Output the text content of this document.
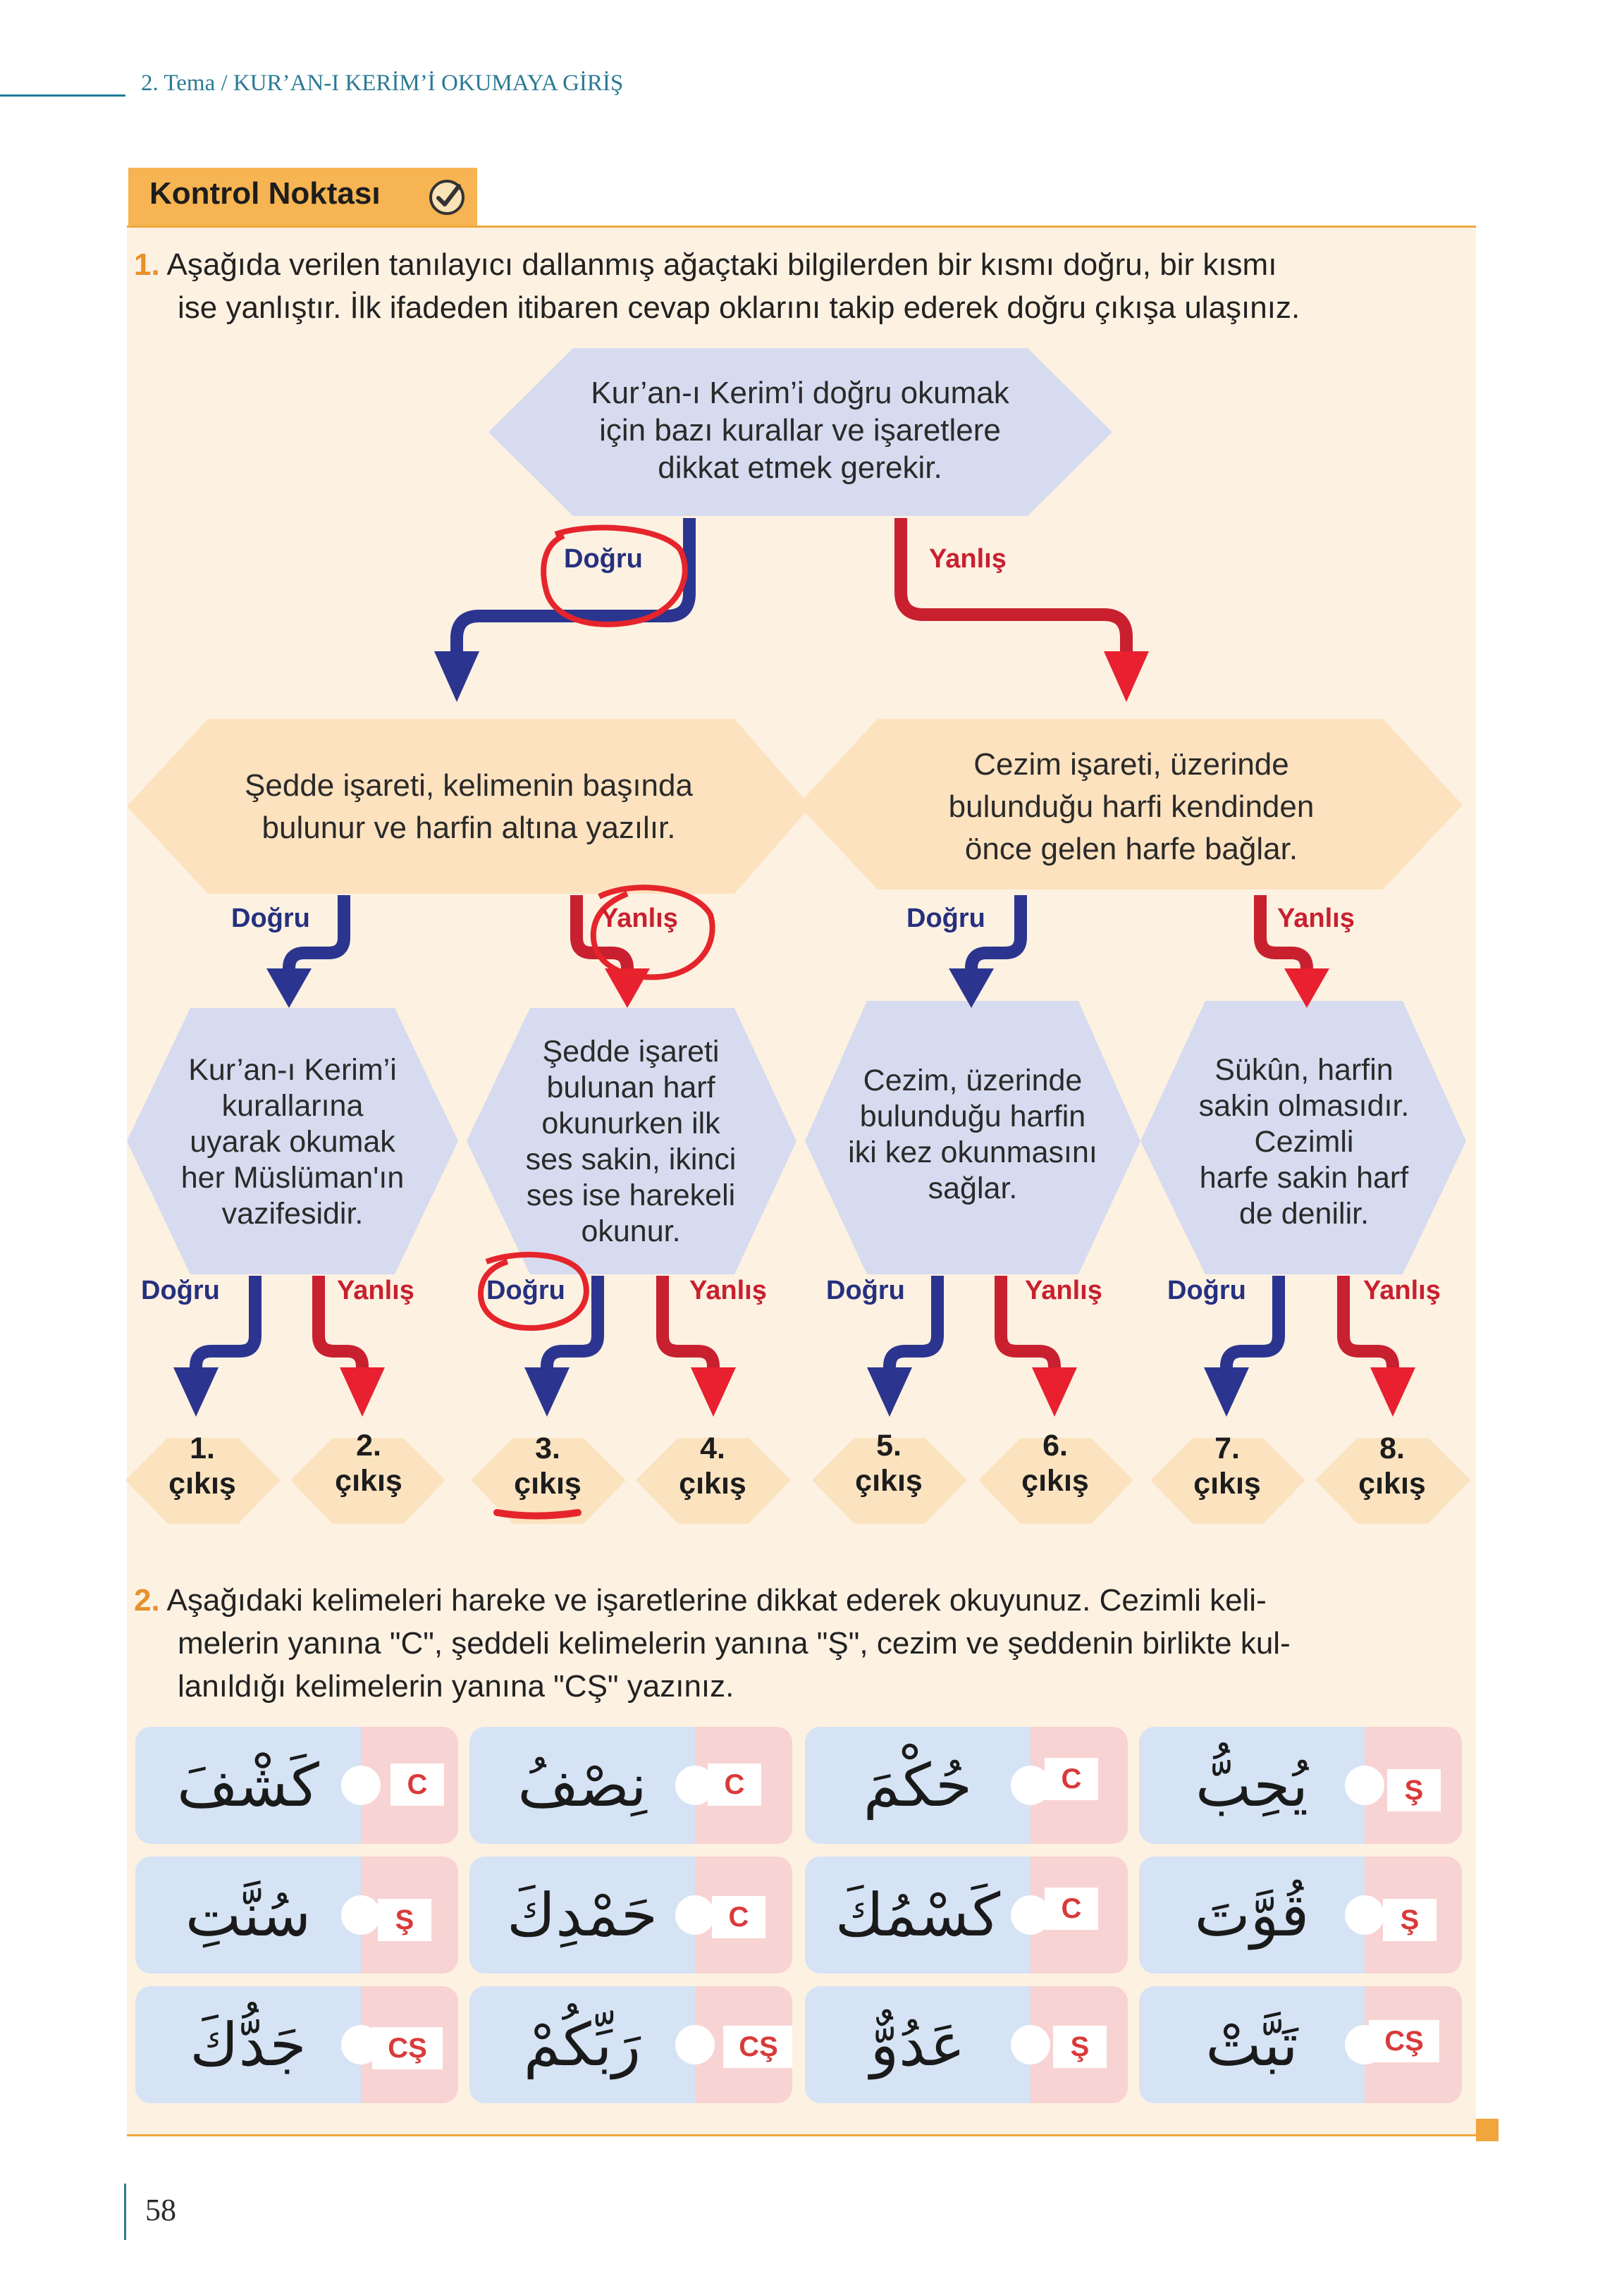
2. Tema / KUR’AN-I KERİM’İ OKUMAYA GİRİŞ
Kontrol Noktası
1. Aşağıda verilen tanılayıcı dallanmış ağaçtaki bilgilerden bir kısmı doğru, bir kısmı
ise yanlıştır. İlk ifadeden itibaren cevap oklarını takip ederek doğru çıkışa ulaşınız.
Kur’an-ı Kerim’i doğru okumak
için bazı kurallar ve işaretlere
dikkat etmek gerekir.
Şedde işareti, kelimenin başında
bulunur ve harfin altına yazılır.
Cezim işareti, üzerinde
bulunduğu harfi kendinden
önce gelen harfe bağlar.
Kur’an-ı Kerim’i
kurallarına
uyarak okumak
her Müslüman'ın
vazifesidir.
Şedde işareti
bulunan harf
okunurken ilk
ses sakin, ikinci
ses ise harekeli
okunur.
Cezim, üzerinde
bulunduğu harfin
iki kez okunmasını
sağlar.
Sükûn, harfin
sakin olmasıdır.
Cezimli
harfe sakin harf
de denilir.
Doğru	Yanlış
Doğru	Yanlış	Doğru	Yanlış
Doğru	Yanlış	Doğru	Yanlış Doğru	Yanlış Doğru	Yanlış
1.
çıkış
2.
çıkış
3.
çıkış
4.
çıkış
5.
çıkış
6.
çıkış
7.
çıkış
8.
çıkış
2. Aşağıdaki kelimeleri hareke ve işaretlerine dikkat ederek okuyunuz. Cezimli keli-
melerin yanına "C", şeddeli kelimelerin yanına "Ş", cezim ve şeddenin birlikte kul-
lanıldığı kelimelerin yanına "CŞ" yazınız.
كَشْفَ	C	نِصْفُ	C	حُكْمَ	C	يُحِبُّ	Ş
سُنَّتِ	Ş	حَمْدِكَ	C	كَسْمُكَ	C	قُوَّتَ	Ş
جَدُّكَ	CŞ	رَبِّكُمْ	CŞ	عَدُوٌّ	Ş	تَبَّتْ	CŞ
58
